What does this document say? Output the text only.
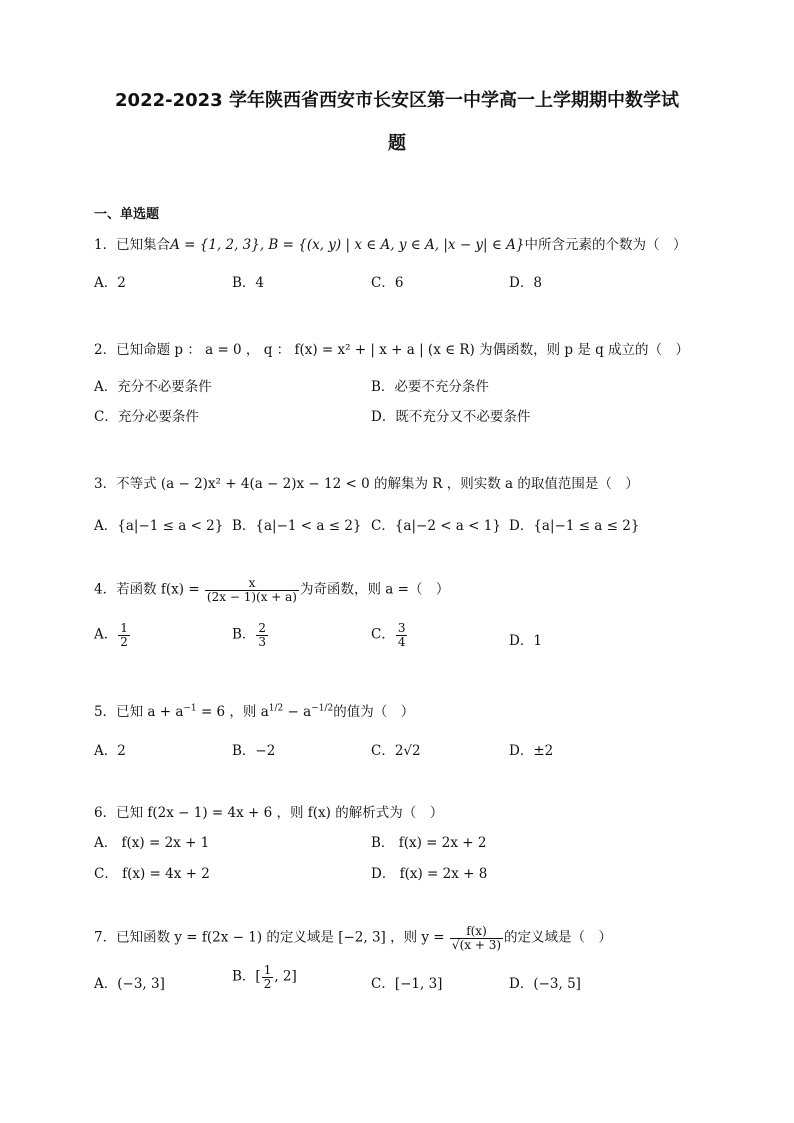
2022-2023 学年陕西省西安市长安区第一中学高一上学期期中数学试
题
一、单选题
1．已知集合A = {1, 2, 3}, B = {(x, y) | x ∈ A, y ∈ A, |x − y| ∈ A}中所含元素的个数为（　）
A．2	B．4	C．6	D．8
2．已知命题 p ： a = 0 ， q ： f(x) = x² + | x + a | (x ∈ R) 为偶函数，则 p 是 q 成立的（　）
A．充分不必要条件	B．必要不充分条件
C．充分必要条件	D．既不充分又不必要条件
3．不等式 (a − 2)x² + 4(a − 2)x − 12 < 0 的解集为 R ，则实数 a 的取值范围是（　）
A．{a|−1 ≤ a < 2} B．{a|−1 < a ≤ 2} C．{a|−2 < a < 1} D．{a|−1 ≤ a ≤ 2}
4．若函数 $f(x) = \frac{x}{(2x - 1)(x + a)}$ 为奇函数，则 a =（　）
A． $\frac{1}{2}$	B． $\frac{2}{3}$	C． $\frac{3}{4}$	D．1
5．已知 $a + a^{-1} = 6$ ，则 $a^{1/2} - a^{-1/2}$的值为（　）
A．2	B．−2	C．2√2	D．±2
6．已知 f(2x − 1) = 4x + 6 ，则 f(x) 的解析式为（　）
A． f(x) = 2x + 1	B． f(x) = 2x + 2
C． f(x) = 4x + 2	D． f(x) = 2x + 8
7．已知函数 y = f(2x − 1) 的定义域是 [−2, 3] ，则 $y = \frac{f(x)}{√(x + 3)}$ 的定义域是（　）
A．(−3, 3]	B．[ $\frac{1}{2}$ , 2]	C．[−1, 3]	D．(−3, 5]
